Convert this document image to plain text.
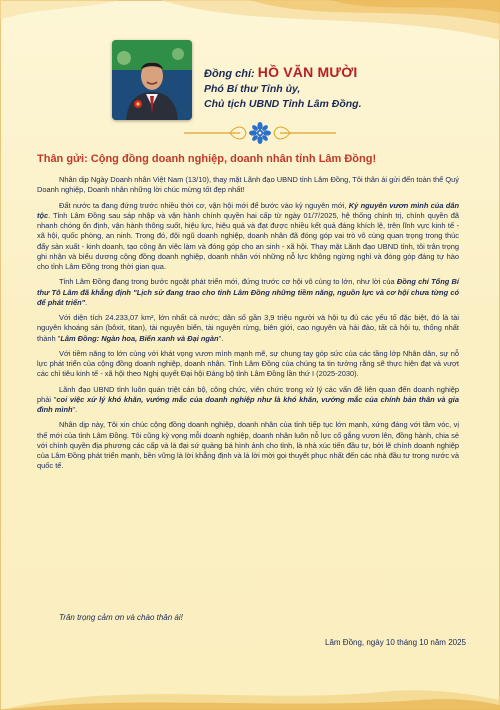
Đồng chí: HỒ VĂN MƯỜI
Phó Bí thư Tỉnh ủy,
Chủ tịch UBND Tỉnh Lâm Đồng.
Thân gửi: Cộng đồng doanh nghiệp, doanh nhân tỉnh Lâm Đồng!

Nhân dịp Ngày Doanh nhân Việt Nam (13/10), thay mặt Lãnh đạo UBND tỉnh Lâm Đồng, Tôi thân ái gửi đến toàn thể Quý Doanh nghiệp, Doanh nhân những lời chúc mừng tốt đẹp nhất!

Đất nước ta đang đứng trước nhiều thời cơ, vận hội mới để bước vào kỷ nguyên mới, Kỷ nguyên vươn mình của dân tộc. Tỉnh Lâm Đồng sau sáp nhập và vận hành chính quyền hai cấp từ ngày 01/7/2025, hệ thống chính trị, chính quyền đã nhanh chóng ổn định, vận hành thông suốt, hiệu lực, hiệu quả và đạt được nhiều kết quả đáng khích lệ, trên lĩnh vực kinh tế - xã hội, quốc phòng, an ninh. Trong đó, đội ngũ doanh nghiệp, doanh nhân đã đóng góp vai trò vô cùng quan trọng trong thúc đẩy sản xuất - kinh doanh, tạo công ăn việc làm và đóng góp cho an sinh - xã hội. Thay mặt Lãnh đạo UBND tỉnh, tôi trân trọng ghi nhận và biểu dương cộng đồng doanh nghiệp, doanh nhân với những nỗ lực không ngừng nghỉ và đóng góp đáng tự hào cho tỉnh Lâm Đồng trong thời gian qua.

Tỉnh Lâm Đồng đang trong bước ngoặt phát triển mới, đứng trước cơ hội vô cùng to lớn, như lời của Đồng chí Tổng Bí thư Tô Lâm đã khẳng định "Lịch sử đang trao cho tỉnh Lâm Đồng những tiềm năng, nguồn lực và cơ hội chưa từng có để phát triển".

Với diện tích 24.233,07 km², lớn nhất cả nước; dân số gần 3,9 triệu người và hội tụ đủ các yếu tố đặc biệt, đó là tài nguyên khoáng sản (bôxit, titan), tài nguyên biển, tài nguyên rừng, biên giới, cao nguyên và hải đảo, tất cả hội tụ, thống nhất thành "Lâm Đồng: Ngàn hoa, Biển xanh và Đại ngàn".

Với tiềm năng to lớn cùng với khát vọng vươn mình mạnh mẽ, sự chung tay góp sức của các tầng lớp Nhân dân, sự nỗ lực phát triển của cộng đồng doanh nghiệp, doanh nhân. Tỉnh Lâm Đồng của chúng ta tin tưởng rằng sẽ thực hiện đạt và vượt các chỉ tiêu kinh tế - xã hội theo Nghị quyết Đại hội Đảng bộ tỉnh Lâm Đồng lần thứ I (2025-2030).

Lãnh đạo UBND tỉnh luôn quán triệt cán bộ, công chức, viên chức trong xử lý các vấn đề liên quan đến doanh nghiệp phải "coi việc xử lý khó khăn, vướng mắc của doanh nghiệp như là khó khăn, vướng mắc của chính bản thân và gia đình mình".

Nhân dịp này, Tôi xin chúc cộng đồng doanh nghiệp, doanh nhân của tỉnh tiếp tục lớn mạnh, xứng đáng với tầm vóc, vị thế mới của tỉnh Lâm Đồng. Tôi cũng kỳ vọng mỗi doanh nghiệp, doanh nhân luôn nỗ lực cố gắng vươn lên, đồng hành, chia sẻ với chính quyền địa phương các cấp và là đại sứ quảng bá hình ảnh cho tỉnh, là nhà xúc tiến đầu tư, bởi lẽ chính doanh nghiệp của Lâm Đồng phát triển mạnh, bền vững là lời khẳng định và là lời mời gọi thuyết phục nhất đến các nhà đầu tư trong nước và quốc tế.

Trân trọng cảm ơn và chào thân ái!
Lâm Đồng, ngày 10 tháng 10 năm 2025
